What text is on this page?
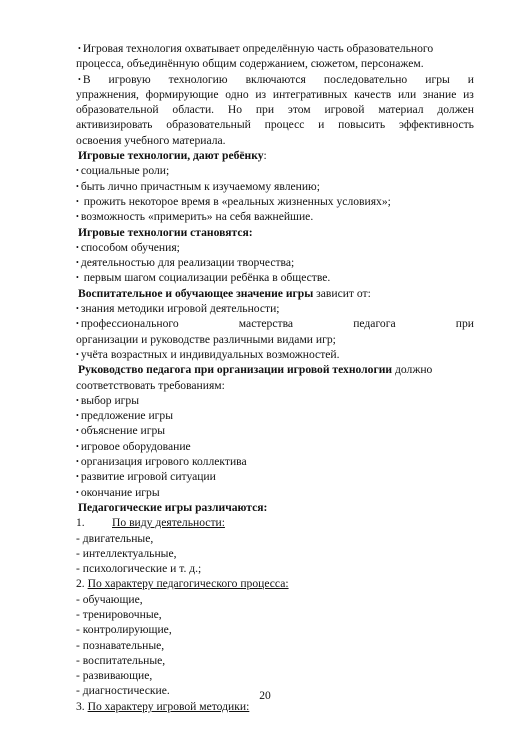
• Игровая технология охватывает определённую часть образовательного
процесса, объединённую общим содержанием, сюжетом, персонажем.
• В игровую технологию включаются последовательно игры и
упражнения, формирующие одно из интегративных качеств или знание из
образовательной области. Но при этом игровой материал должен
активизировать образовательный процесс и повысить эффективность
освоения учебного материала.
Игровые технологии, дают ребёнку:
• социальные роли;
• быть лично причастным к изучаемому явлению;
• прожить некоторое время в «реальных жизненных условиях»;
• возможность «примерить» на себя важнейшие.
Игровые технологии становятся:
• способом обучения;
• деятельностью для реализации творчества;
• первым шагом социализации ребёнка в обществе.
Воспитательное и обучающее значение игры зависит от:
• знания методики игровой деятельности;
• профессионального	мастерства	педагога	при
организации и руководстве различными видами игр;
• учёта возрастных и индивидуальных возможностей.
Руководство педагога при организации игровой технологии должно
соответствовать требованиям:
• выбор игры
• предложение игры
• объяснение игры
• игровое оборудование
• организация игрового коллектива
• развитие игровой ситуации
• окончание игры
Педагогические игры различаются:
1. По виду деятельности:
- двигательные,
- интеллектуальные,
- психологические и т. д.;
2. По характеру педагогического процесса:
- обучающие,
- тренировочные,
- контролирующие,
- познавательные,
- воспитательные,
- развивающие,
- диагностические.
3. По характеру игровой методики:
20
